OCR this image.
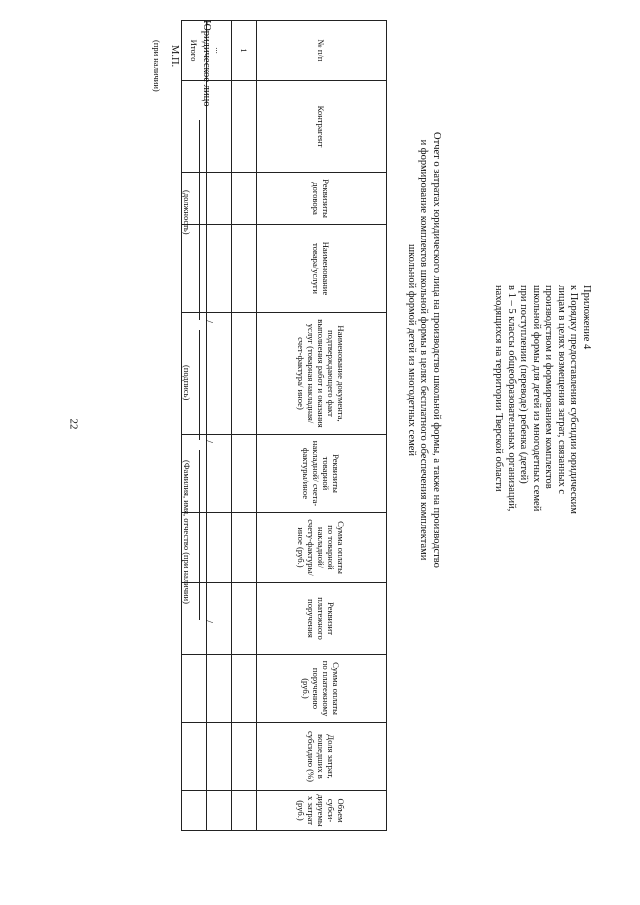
22
Приложение 4
к Порядку предоставления субсидии юридическим
лицам в целях возмещения затрат, связанных с
производством и формированием комплектов
школьной формы для детей из многодетных семей
при поступлении (переводе) ребенка (детей)
в 1 – 5 классы общеобразовательных организаций,
находящихся на территории Тверской области
Отчет о затратах юридического лица на производство школьной формы, а также на производство
и формирование комплектов школьной формы в целях бесплатного обеспечения комплектами
школьной формой детей из многодетных семей
№ п/п	Контрагент	Реквизиты договора	Наименование товара/услуги	Наименование документа, подтверждающего факт выполнения работ и оказания услуг (товарная накладная/счет-фактура/ иное)	Реквизиты товарной накладной/ счета-фактуры/иное	Сумма оплаты по товарной накладной/ счету-фактуры/иное (руб.)	Реквизит платежного поручения	Сумма оплаты по платежному поручению (руб.)	Доля затрат, вошедших в субсидию (%)	Объем субси-дируемых затрат (руб.)
1										
...										
Итого										Юридическое лицо
/
/
/
(должность)
(подпись)
(Фамилия, имя, отчество (при наличии)
М.П.
(при наличии)
